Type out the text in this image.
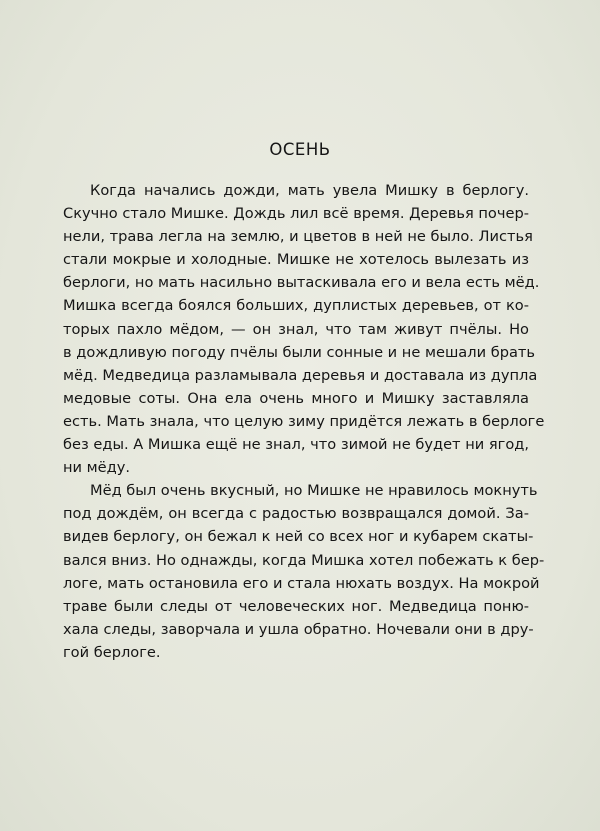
ОСЕНЬ

Когда начались дожди, мать увела Мишку в берлогу.
Скучно стало Мишке. Дождь лил всё время. Деревья почер-
нели, трава легла на землю, и цветов в ней не было. Листья
стали мокрые и холодные. Мишке не хотелось вылезать из
берлоги, но мать насильно вытаскивала его и вела есть мёд.
Мишка всегда боялся больших, дуплистых деревьев, от ко-
торых пахло мёдом, — он знал, что там живут пчёлы. Но
в дождливую погоду пчёлы были сонные и не мешали брать
мёд. Медведица разламывала деревья и доставала из дупла
медовые соты. Она ела очень много и Мишку заставляла
есть. Мать знала, что целую зиму придётся лежать в берлоге
без еды. А Мишка ещё не знал, что зимой не будет ни ягод,
ни мёду.

Мёд был очень вкусный, но Мишке не нравилось мокнуть
под дождём, он всегда с радостью возвращался домой. За-
видев берлогу, он бежал к ней со всех ног и кубарем скаты-
вался вниз. Но однажды, когда Мишка хотел побежать к бер-
логе, мать остановила его и стала нюхать воздух. На мокрой
траве были следы от человеческих ног. Медведица поню-
хала следы, заворчала и ушла обратно. Ночевали они в дру-
гой берлоге.
